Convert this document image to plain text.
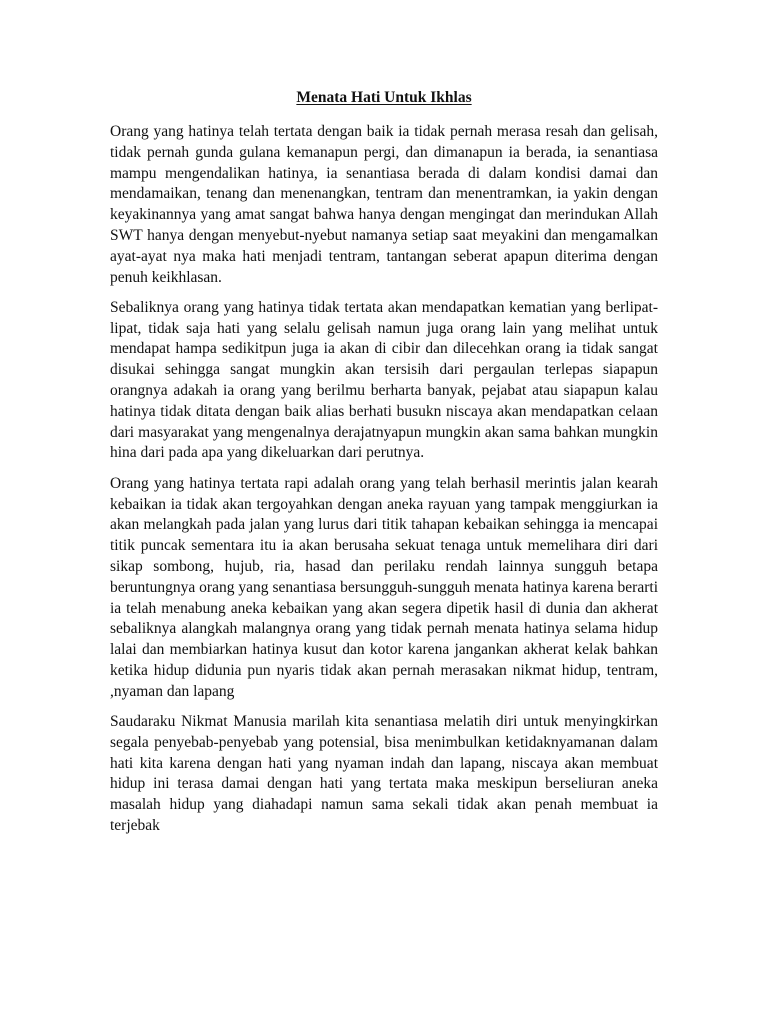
Menata Hati Untuk Ikhlas

Orang yang hatinya telah tertata dengan baik ia tidak pernah merasa resah dan gelisah, tidak pernah gunda gulana kemanapun pergi, dan dimanapun ia berada, ia senantiasa mampu mengendalikan hatinya, ia senantiasa berada di dalam kondisi damai dan mendamaikan, tenang dan menenangkan, tentram dan menentramkan, ia yakin dengan keyakinannya yang amat sangat bahwa hanya dengan mengingat dan merindukan Allah SWT hanya dengan menyebut-nyebut namanya setiap saat meyakini dan mengamalkan ayat-ayat nya maka hati menjadi tentram, tantangan seberat apapun diterima dengan penuh keikhlasan.

Sebaliknya orang yang hatinya tidak tertata akan mendapatkan kematian yang berlipat-lipat, tidak saja hati yang selalu gelisah namun juga orang lain yang melihat untuk mendapat hampa sedikitpun juga ia akan di cibir dan dilecehkan orang ia tidak sangat disukai sehingga sangat mungkin akan tersisih dari pergaulan terlepas siapapun orangnya adakah ia orang yang berilmu berharta banyak, pejabat atau siapapun kalau hatinya tidak ditata dengan baik alias berhati busukn niscaya akan mendapatkan celaan dari masyarakat yang mengenalnya derajatnyapun mungkin akan sama bahkan mungkin hina dari pada apa yang dikeluarkan dari perutnya.

Orang yang hatinya tertata rapi adalah orang yang telah berhasil merintis jalan kearah kebaikan ia tidak akan tergoyahkan dengan aneka rayuan yang tampak menggiurkan ia akan melangkah pada jalan yang lurus dari titik tahapan kebaikan sehingga ia mencapai titik puncak sementara itu ia akan berusaha sekuat tenaga untuk memelihara diri dari sikap sombong, hujub, ria, hasad dan perilaku rendah lainnya sungguh betapa beruntungnya orang yang senantiasa bersungguh-sungguh menata hatinya karena berarti ia telah menabung aneka kebaikan yang akan segera dipetik hasil di dunia dan akherat sebaliknya alangkah malangnya orang yang tidak pernah menata hatinya selama hidup lalai dan membiarkan hatinya kusut dan kotor karena jangankan akherat kelak bahkan ketika hidup didunia pun nyaris tidak akan pernah merasakan nikmat hidup, tentram, ,nyaman dan lapang

Saudaraku Nikmat Manusia marilah kita senantiasa melatih diri untuk menyingkirkan segala penyebab-penyebab yang potensial, bisa menimbulkan ketidaknyamanan dalam hati kita karena dengan hati yang nyaman indah dan lapang, niscaya akan membuat hidup ini terasa damai dengan hati yang tertata maka meskipun berseliuran aneka masalah hidup yang diahadapi namun sama sekali tidak akan penah membuat ia terjebak
